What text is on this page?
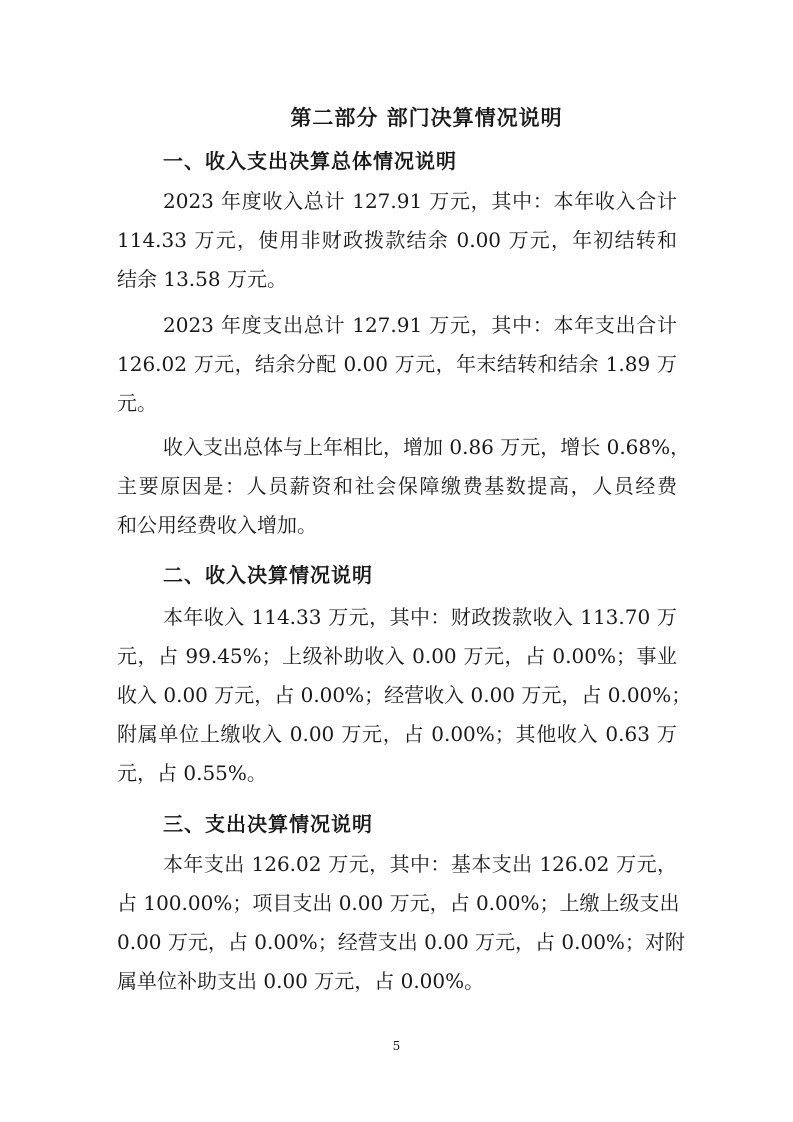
第二部分 部门决算情况说明
一、收入支出决算总体情况说明

2023 年度收入总计 127.91 万元，其中：本年收入合计
114.33 万元，使用非财政拨款结余 0.00 万元，年初结转和
结余 13.58 万元。

2023 年度支出总计 127.91 万元，其中：本年支出合计
126.02 万元，结余分配 0.00 万元，年末结转和结余 1.89 万
元。

收入支出总体与上年相比，增加 0.86 万元，增长 0.68%，
主要原因是：人员薪资和社会保障缴费基数提高，人员经费
和公用经费收入增加。

二、收入决算情况说明

本年收入 114.33 万元，其中：财政拨款收入 113.70 万
元，占 99.45%；上级补助收入 0.00 万元，占 0.00%；事业
收入 0.00 万元，占 0.00%；经营收入 0.00 万元，占 0.00%；
附属单位上缴收入 0.00 万元，占 0.00%；其他收入 0.63 万
元，占 0.55%。

三、支出决算情况说明

本年支出 126.02 万元，其中：基本支出 126.02 万元，
占 100.00%；项目支出 0.00 万元，占 0.00%；上缴上级支出
0.00 万元，占 0.00%；经营支出 0.00 万元，占 0.00%；对附
属单位补助支出 0.00 万元，占 0.00%。

5
